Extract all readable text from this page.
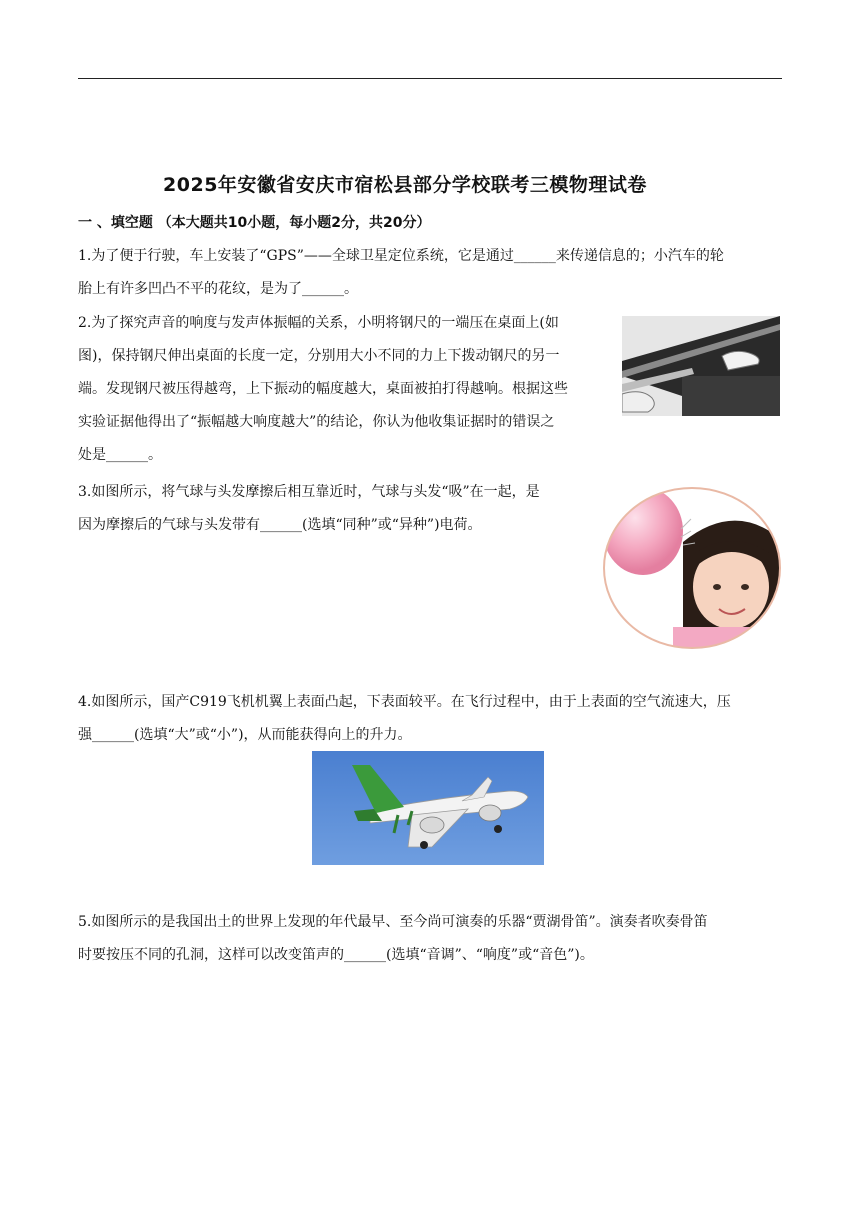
2025年安徽省安庆市宿松县部分学校联考三模物理试卷
一 、填空题 （本大题共10小题，每小题2分，共20分）
1.为了便于行驶，车上安装了“GPS”——全球卫星定位系统，它是通过______来传递信息的；小汽车的轮
胎上有许多凹凸不平的花纹，是为了______。
2.为了探究声音的响度与发声体振幅的关系，小明将钢尺的一端压在桌面上(如
图)，保持钢尺伸出桌面的长度一定，分别用大小不同的力上下拨动钢尺的另一
端。发现钢尺被压得越弯，上下振动的幅度越大，桌面被拍打得越响。根据这些
实验证据他得出了“振幅越大响度越大”的结论，你认为他收集证据时的错误之
处是______。
3.如图所示，将气球与头发摩擦后相互靠近时，气球与头发“吸”在一起，是
因为摩擦后的气球与头发带有______(选填“同种”或“异种”)电荷。
4.如图所示，国产C919飞机机翼上表面凸起，下表面较平。在飞行过程中，由于上表面的空气流速大，压
强______(选填“大”或“小”)，从而能获得向上的升力。
5.如图所示的是我国出土的世界上发现的年代最早、至今尚可演奏的乐器“贾湖骨笛”。演奏者吹奏骨笛
时要按压不同的孔洞，这样可以改变笛声的______(选填“音调”、“响度”或“音色”)。
